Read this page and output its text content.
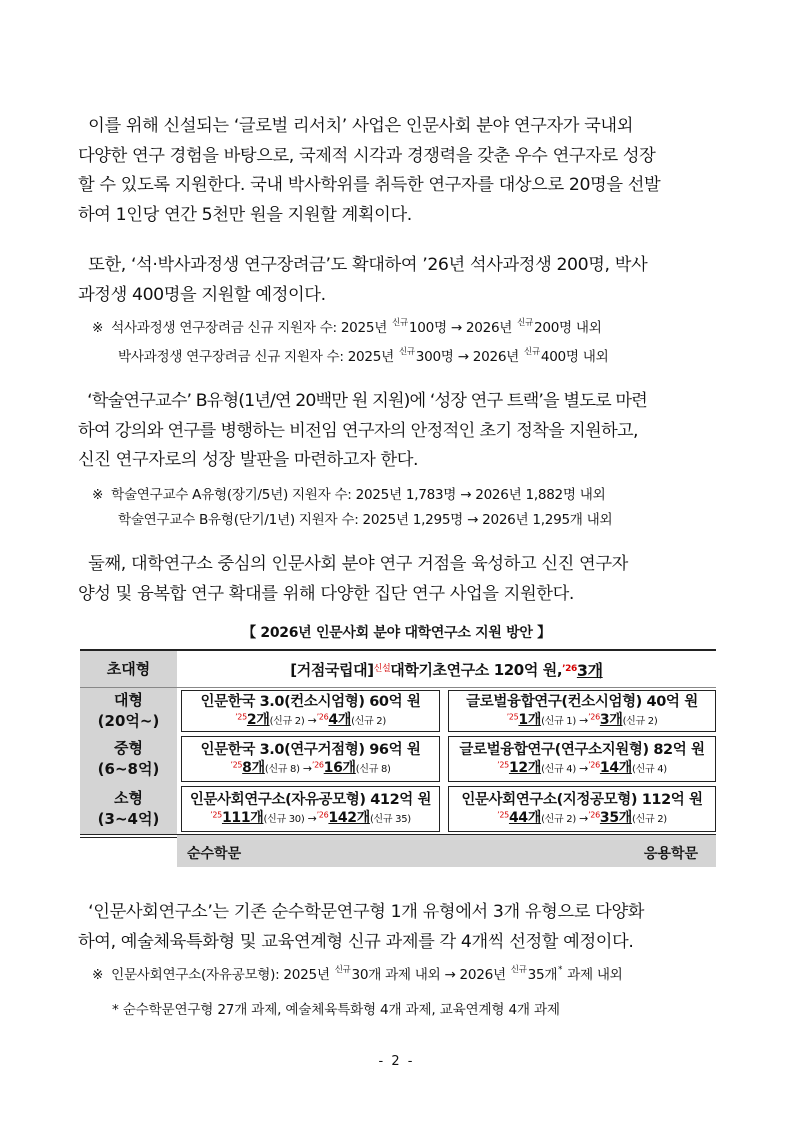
이를 위해 신설되는 ‘글로벌 리서치’ 사업은 인문사회 분야 연구자가 국내외
다양한 연구 경험을 바탕으로, 국제적 시각과 경쟁력을 갖춘 우수 연구자로 성장
할 수 있도록 지원한다. 국내 박사학위를 취득한 연구자를 대상으로 20명을 선발
하여 1인당 연간 5천만 원을 지원할 계획이다.
또한, ‘석·박사과정생 연구장려금’도 확대하여 ’26년 석사과정생 200명, 박사
과정생 400명을 지원할 예정이다.
※ 석사과정생 연구장려금 신규 지원자 수: 2025년 $^{신규}$100명 → 2026년 $^{신규}$200명 내외
박사과정생 연구장려금 신규 지원자 수: 2025년 $^{신규}$300명 → 2026년 $^{신규}$400명 내외
‘학술연구교수’ B유형(1년/연 20백만 원 지원)에 ‘성장 연구 트랙’을 별도로 마련
하여 강의와 연구를 병행하는 비전임 연구자의 안정적인 초기 정착을 지원하고,
신진 연구자로의 성장 발판을 마련하고자 한다.
※ 학술연구교수 A유형(장기/5년) 지원자 수: 2025년 1,783명 → 2026년 1,882명 내외
학술연구교수 B유형(단기/1년) 지원자 수: 2025년 1,295명 → 2026년 1,295개 내외
둘째, 대학연구소 중심의 인문사회 분야 연구 거점을 육성하고 신진 연구자
양성 및 융복합 연구 확대를 위해 다양한 집단 연구 사업을 지원한다.
【 2026년 인문사회 분야 대학연구소 지원 방안 】
초대형	[거점국립대] 신설 대학기초연구소 120억 원, ’26 3개
대형
(20억~)
중형
(6~8억)
소형
(3~4억)
인문한국 3.0(컨소시엄형) 60억 원
$^{’25}$2개(신규 2) →$^{’26}$4개(신규 2)
글로벌융합연구(컨소시엄형) 40억 원
$^{’25}$1개(신규 1) →$^{’26}$3개(신규 2)
인문한국 3.0(연구거점형) 96억 원
$^{’25}$8개(신규 8) →$^{’26}$16개(신규 8)
글로벌융합연구(연구소지원형) 82억 원
$^{’25}$12개(신규 4) →$^{’26}$14개(신규 4)
인문사회연구소(자유공모형) 412억 원
$^{’25}$111개(신규 30) →$^{’26}$142개(신규 35)
인문사회연구소(지정공모형) 112억 원
$^{’25}$44개(신규 2) →$^{’26}$35개(신규 2)
순수학문	응용학문
‘인문사회연구소’는 기존 순수학문연구형 1개 유형에서 3개 유형으로 다양화
하여, 예술체육특화형 및 교육연계형 신규 과제를 각 4개씩 선정할 예정이다.
※ 인문사회연구소(자유공모형): 2025년 $^{신규}$30개 과제 내외 → 2026년 $^{신규}$35개* 과제 내외
* 순수학문연구형 27개 과제, 예술체육특화형 4개 과제, 교육연계형 4개 과제
- 2 -
